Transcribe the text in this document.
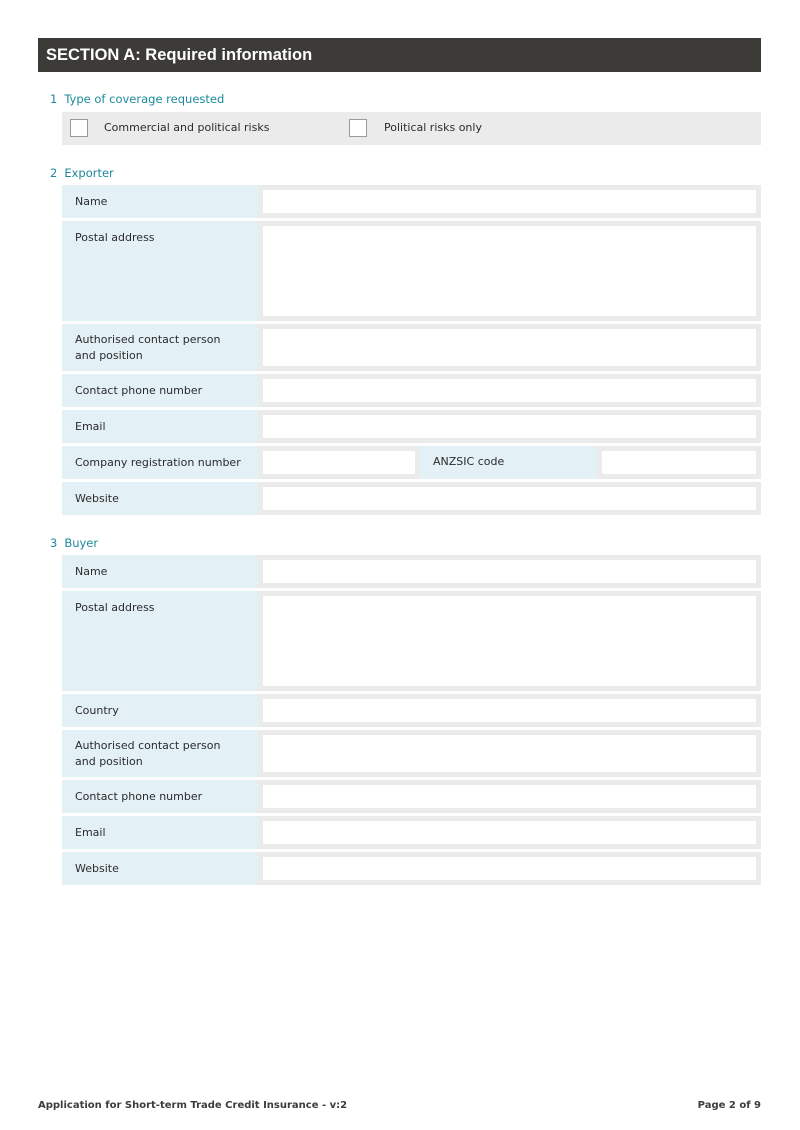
SECTION A: Required information
1 Type of coverage requested
Commercial and political risks	Political risks only
2 Exporter
Name
Postal address
Authorised contact person and position
Contact phone number
Email
Company registration number	ANZSIC code
Website
3 Buyer
Name
Postal address
Country
Authorised contact person and position
Contact phone number
Email
Website
Application for Short-term Trade Credit Insurance - v:2	Page 2 of 9
